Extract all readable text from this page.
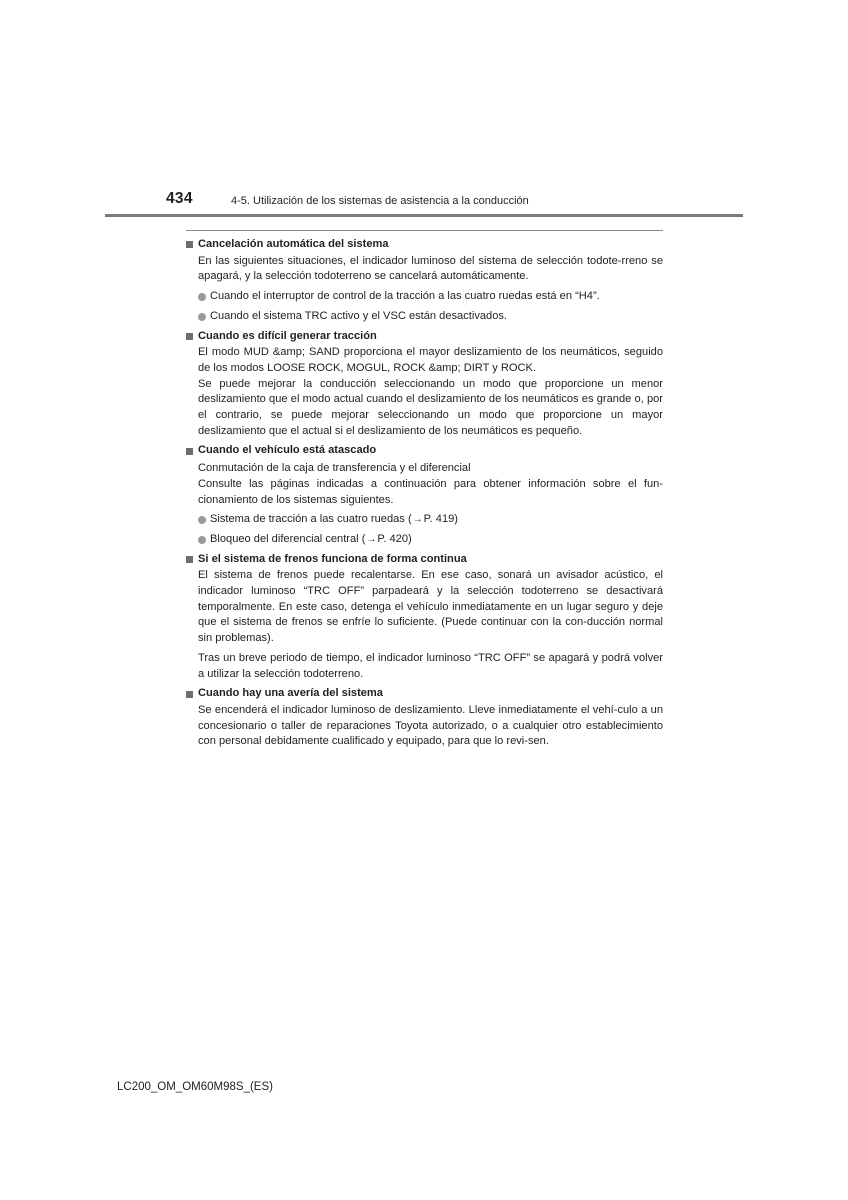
434	4-5. Utilización de los sistemas de asistencia a la conducción
Cancelación automática del sistema

En las siguientes situaciones, el indicador luminoso del sistema de selección todote-rreno se apagará, y la selección todoterreno se cancelará automáticamente.

Cuando el interruptor de control de la tracción a las cuatro ruedas está en “H4”.
Cuando el sistema TRC activo y el VSC están desactivados.
Cuando es difícil generar tracción

El modo MUD &amp; SAND proporciona el mayor deslizamiento de los neumáticos, seguido de los modos LOOSE ROCK, MOGUL, ROCK &amp; DIRT y ROCK.

Se puede mejorar la conducción seleccionando un modo que proporcione un menor deslizamiento que el modo actual cuando el deslizamiento de los neumáticos es grande o, por el contrario, se puede mejorar seleccionando un modo que proporcione un mayor deslizamiento que el actual si el deslizamiento de los neumáticos es pequeño.

Cuando el vehículo está atascado

Conmutación de la caja de transferencia y el diferencial

Consulte las páginas indicadas a continuación para obtener información sobre el fun-cionamiento de los sistemas siguientes.

Sistema de tracción a las cuatro ruedas ( → P. 419)
Bloqueo del diferencial central ( → P. 420)
Si el sistema de frenos funciona de forma continua

El sistema de frenos puede recalentarse. En ese caso, sonará un avisador acústico, el indicador luminoso “TRC OFF” parpadeará y la selección todoterreno se desactivará temporalmente. En este caso, detenga el vehículo inmediatamente en un lugar seguro y deje que el sistema de frenos se enfríe lo suficiente. (Puede continuar con la con-ducción normal sin problemas).

Tras un breve periodo de tiempo, el indicador luminoso “TRC OFF” se apagará y podrá volver a utilizar la selección todoterreno.

Cuando hay una avería del sistema

Se encenderá el indicador luminoso de deslizamiento. Lleve inmediatamente el vehí-culo a un concesionario o taller de reparaciones Toyota autorizado, o a cualquier otro establecimiento con personal debidamente cualificado y equipado, para que lo revi-sen.

LC200_OM_OM60M98S_(ES)
